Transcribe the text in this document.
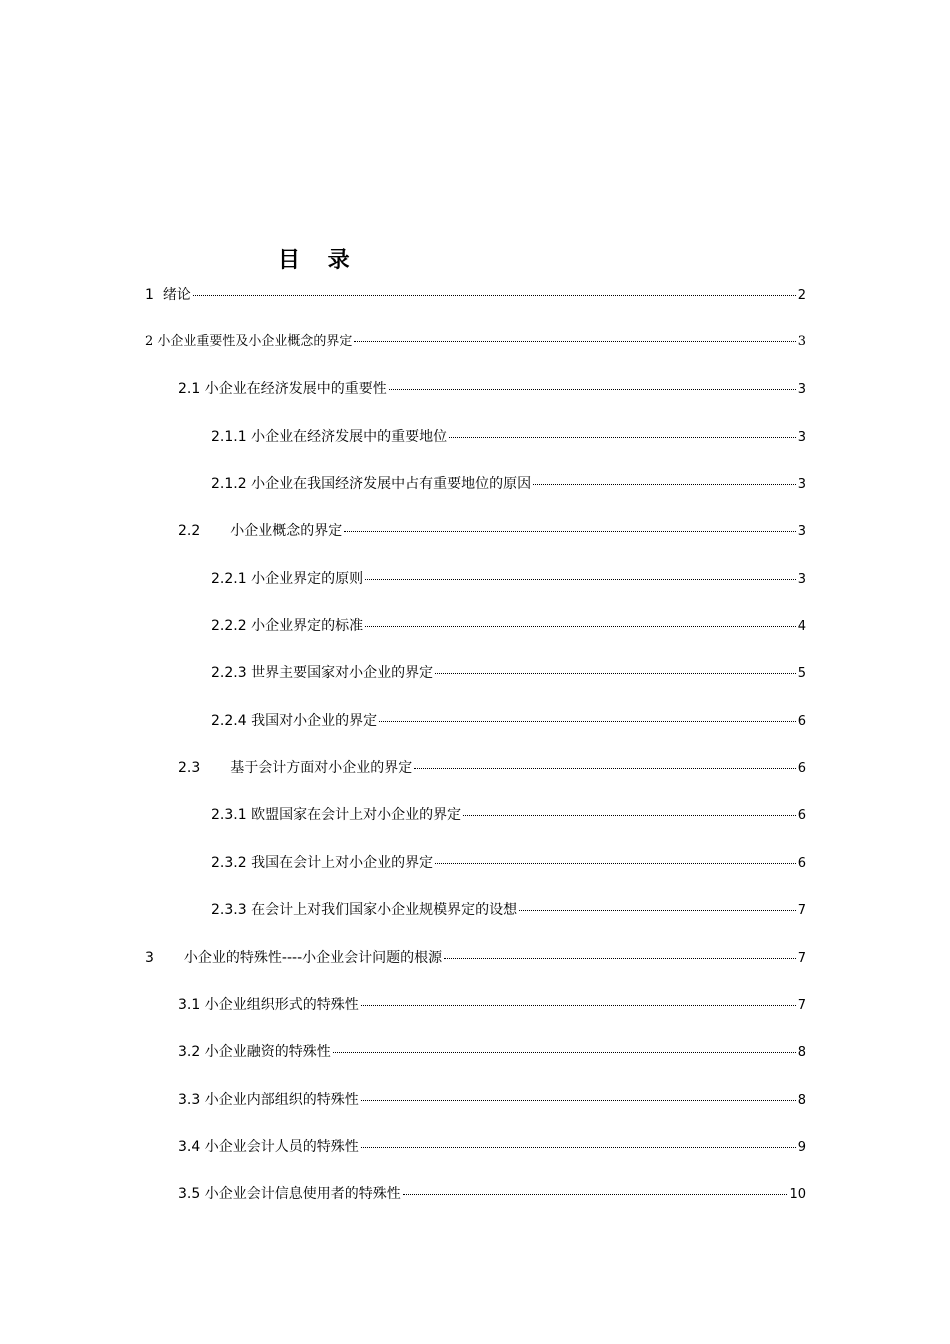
目 录
1 绪论	2
2 小企业重要性及小企业概念的界定	3
2.1 小企业在经济发展中的重要性	3
2.1.1 小企业在经济发展中的重要地位	3
2.1.2 小企业在我国经济发展中占有重要地位的原因	3
2.2 小企业概念的界定	3
2.2.1 小企业界定的原则	3
2.2.2 小企业界定的标准	4
2.2.3 世界主要国家对小企业的界定	5
2.2.4 我国对小企业的界定	6
2.3 基于会计方面对小企业的界定	6
2.3.1 欧盟国家在会计上对小企业的界定	6
2.3.2 我国在会计上对小企业的界定	6
2.3.3 在会计上对我们国家小企业规模界定的设想	7
3 小企业的特殊性----小企业会计问题的根源	7
3.1 小企业组织形式的特殊性	7
3.2 小企业融资的特殊性	8
3.3 小企业内部组织的特殊性	8
3.4 小企业会计人员的特殊性	9
3.5 小企业会计信息使用者的特殊性	10
